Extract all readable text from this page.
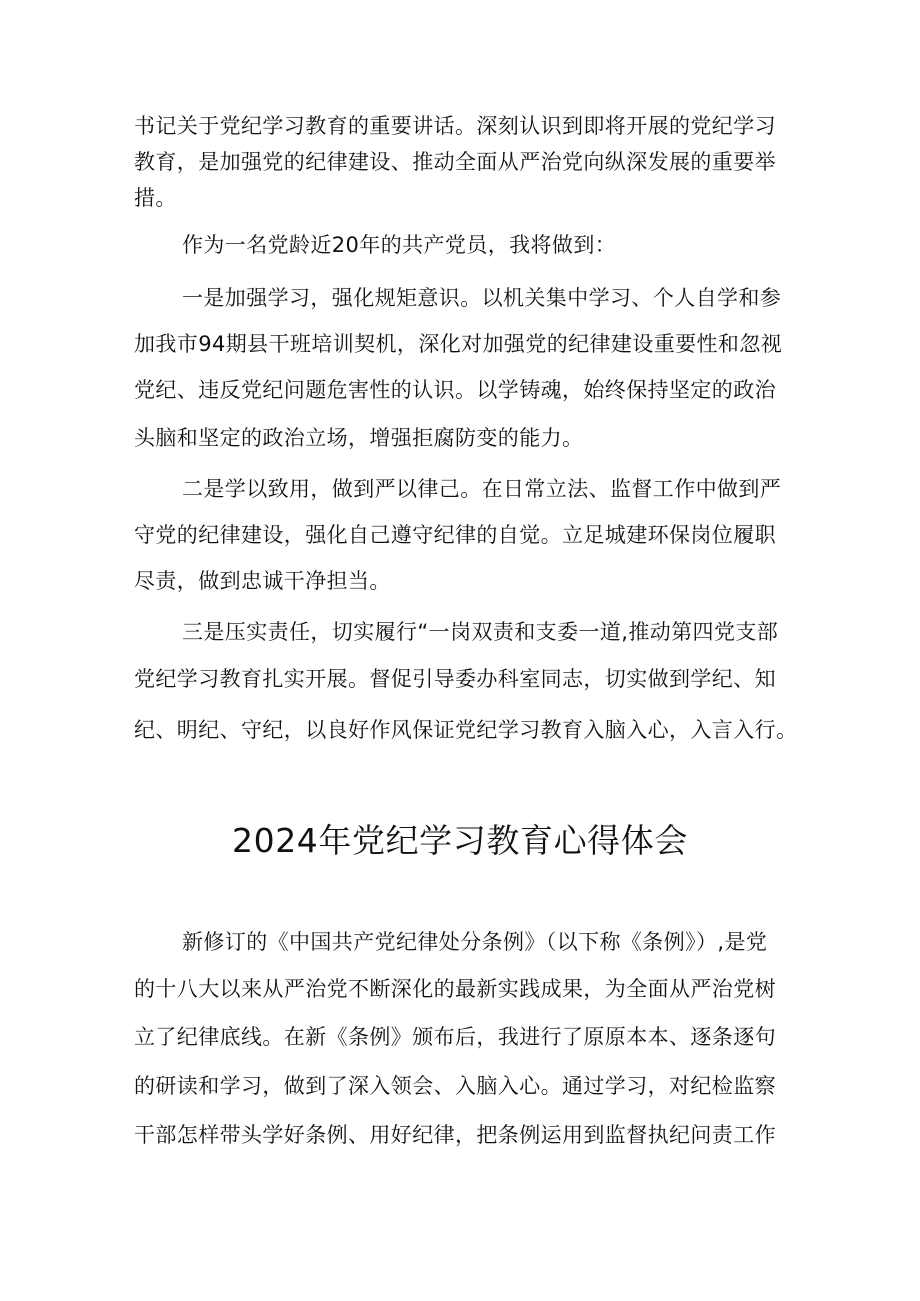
书记关于党纪学习教育的重要讲话。深刻认识到即将开展的党纪学习
教育，是加强党的纪律建设、推动全面从严治党向纵深发展的重要举
措。
作为一名党龄近20年的共产党员，我将做到：
一是加强学习，强化规矩意识。以机关集中学习、个人自学和参
加我市94期县干班培训契机，深化对加强党的纪律建设重要性和忽视
党纪、违反党纪问题危害性的认识。以学铸魂，始终保持坚定的政治
头脑和坚定的政治立场，增强拒腐防变的能力。
二是学以致用，做到严以律己。在日常立法、监督工作中做到严
守党的纪律建设，强化自己遵守纪律的自觉。立足城建环保岗位履职
尽责，做到忠诚干净担当。
三是压实责任，切实履行“一岗双责和支委一道,推动第四党支部
党纪学习教育扎实开展。督促引导委办科室同志，切实做到学纪、知
纪、明纪、守纪，以良好作风保证党纪学习教育入脑入心，入言入行。
2024年党纪学习教育心得体会
新修订的《中国共产党纪律处分条例》（以下称《条例》）,是党
的十八大以来从严治党不断深化的最新实践成果，为全面从严治党树
立了纪律底线。在新《条例》颁布后，我进行了原原本本、逐条逐句
的研读和学习，做到了深入领会、入脑入心。通过学习，对纪检监察
干部怎样带头学好条例、用好纪律，把条例运用到监督执纪问责工作
